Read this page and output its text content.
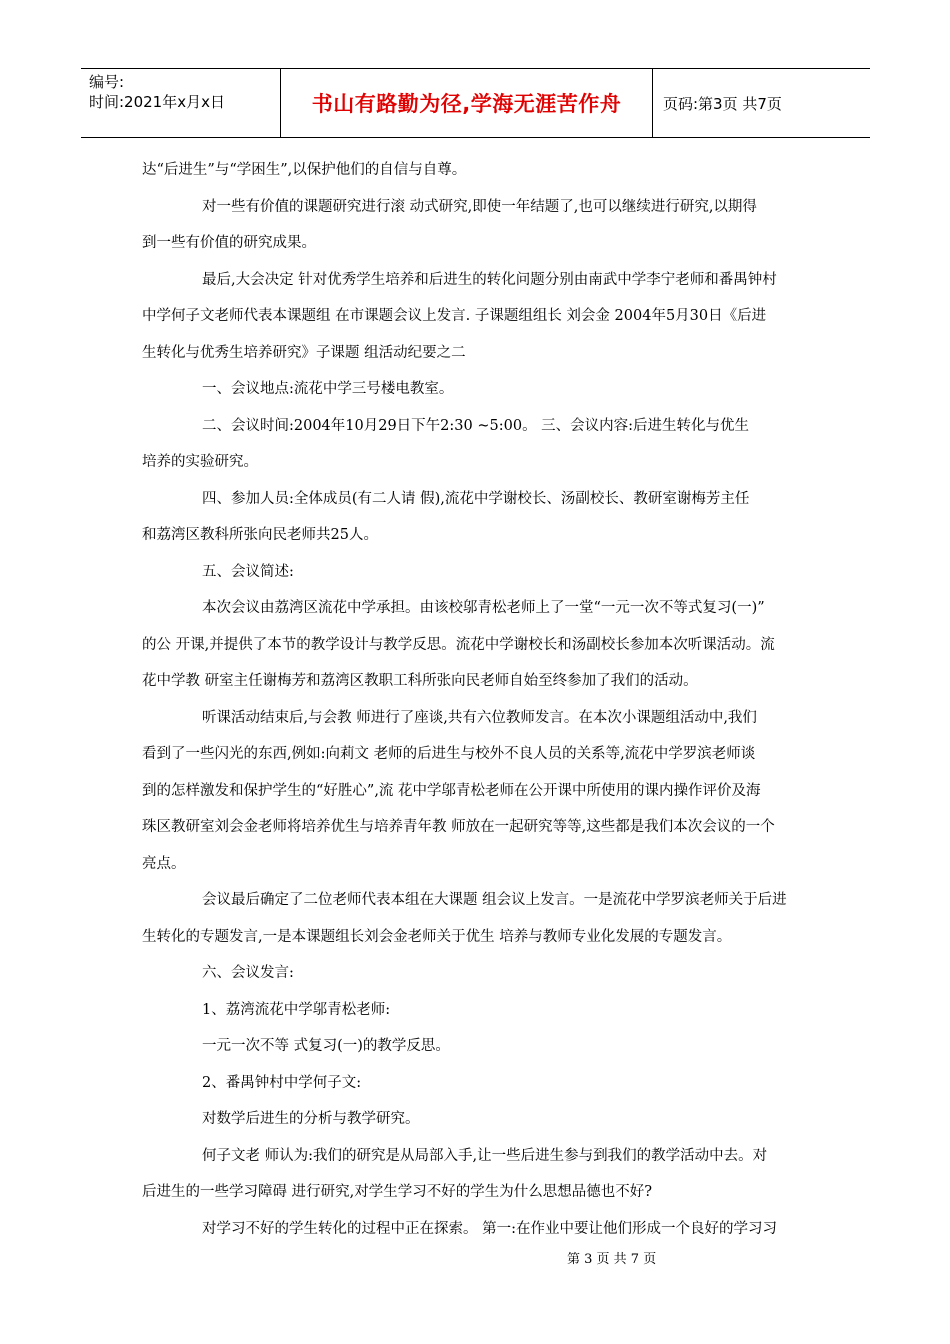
编号:
时间:2021年x月x日	书山有路勤为径,学海无涯苦作舟	页码:第3页 共7页
达“后进生”与“学困生”,以保护他们的自信与自尊。
对一些有价值的课题研究进行滚 动式研究,即使一年结题了,也可以继续进行研究,以期得
到一些有价值的研究成果。
最后,大会决定 针对优秀学生培养和后进生的转化问题分别由南武中学李宁老师和番禺钟村
中学何子文老师代表本课题组 在市课题会议上发言. 子课题组组长 刘会金 2004年5月30日《后进
生转化与优秀生培养研究》子课题 组活动纪要之二
一、会议地点:流花中学三号楼电教室。
二、会议时间:2004年10月29日下午2:30 ~5:00。 三、会议内容:后进生转化与优生
培养的实验研究。
四、参加人员:全体成员(有二人请 假),流花中学谢校长、汤副校长、教研室谢梅芳主任
和荔湾区教科所张向民老师共25人。
五、会议简述:
本次会议由荔湾区流花中学承担。由该校邬青松老师上了一堂“一元一次不等式复习(一)”
的公 开课,并提供了本节的教学设计与教学反思。流花中学谢校长和汤副校长参加本次听课活动。流
花中学教 研室主任谢梅芳和荔湾区教职工科所张向民老师自始至终参加了我们的活动。
听课活动结束后,与会教 师进行了座谈,共有六位教师发言。在本次小课题组活动中,我们
看到了一些闪光的东西,例如:向莉文 老师的后进生与校外不良人员的关系等,流花中学罗滨老师谈
到的怎样激发和保护学生的“好胜心”,流 花中学邬青松老师在公开课中所使用的课内操作评价及海
珠区教研室刘会金老师将培养优生与培养青年教 师放在一起研究等等,这些都是我们本次会议的一个
亮点。
会议最后确定了二位老师代表本组在大课题 组会议上发言。一是流花中学罗滨老师关于后进
生转化的专题发言,一是本课题组长刘会金老师关于优生 培养与教师专业化发展的专题发言。
六、会议发言:
1、荔湾流花中学邬青松老师:
一元一次不等 式复习(一)的教学反思。
2、番禺钟村中学何子文:
对数学后进生的分析与教学研究。
何子文老 师认为:我们的研究是从局部入手,让一些后进生参与到我们的教学活动中去。对
后进生的一些学习障碍 进行研究,对学生学习不好的学生为什么思想品德也不好?
对学习不好的学生转化的过程中正在探索。 第一:在作业中要让他们形成一个良好的学习习
第 3 页 共 7 页
